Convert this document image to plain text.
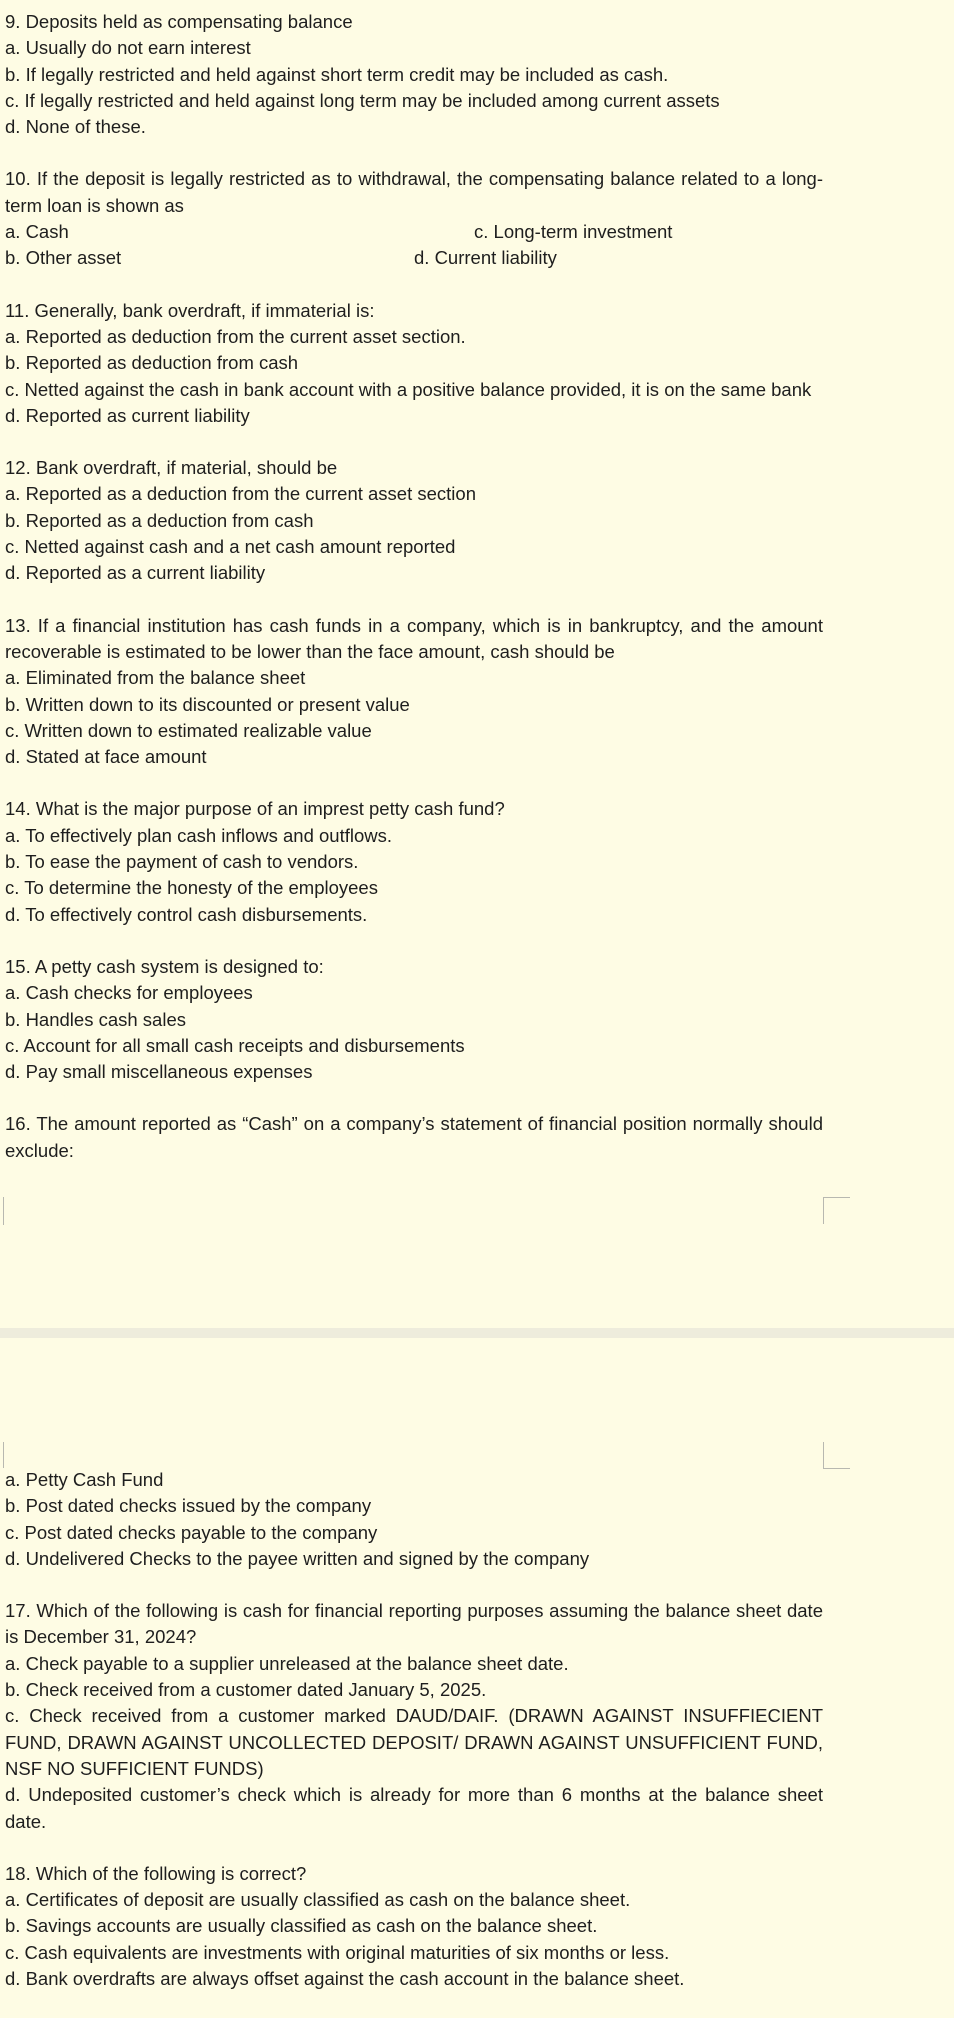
9. Deposits held as compensating balance
a. Usually do not earn interest
b. If legally restricted and held against short term credit may be included as cash.
c. If legally restricted and held against long term may be included among current assets
d. None of these.
10. If the deposit is legally restricted as to withdrawal, the compensating balance related to a long-term loan is shown as
a. Cash	c. Long-term investment
b. Other asset	d. Current liability
11. Generally, bank overdraft, if immaterial is:
a. Reported as deduction from the current asset section.
b. Reported as deduction from cash
c. Netted against the cash in bank account with a positive balance provided, it is on the same bank
d. Reported as current liability
12. Bank overdraft, if material, should be
a. Reported as a deduction from the current asset section
b. Reported as a deduction from cash
c. Netted against cash and a net cash amount reported
d. Reported as a current liability
13. If a financial institution has cash funds in a company, which is in bankruptcy, and the amount recoverable is estimated to be lower than the face amount, cash should be
a. Eliminated from the balance sheet
b. Written down to its discounted or present value
c. Written down to estimated realizable value
d. Stated at face amount
14. What is the major purpose of an imprest petty cash fund?
a. To effectively plan cash inflows and outflows.
b. To ease the payment of cash to vendors.
c. To determine the honesty of the employees
d. To effectively control cash disbursements.
15. A petty cash system is designed to:
a. Cash checks for employees
b. Handles cash sales
c. Account for all small cash receipts and disbursements
d. Pay small miscellaneous expenses
16. The amount reported as “Cash” on a company’s statement of financial position normally should exclude:
a. Petty Cash Fund
b. Post dated checks issued by the company
c. Post dated checks payable to the company
d. Undelivered Checks to the payee written and signed by the company
17. Which of the following is cash for financial reporting purposes assuming the balance sheet date is December 31, 2024?
a. Check payable to a supplier unreleased at the balance sheet date.
b. Check received from a customer dated January 5, 2025.
c. Check received from a customer marked DAUD/DAIF. (DRAWN AGAINST INSUFFIECIENT FUND, DRAWN AGAINST UNCOLLECTED DEPOSIT/ DRAWN AGAINST UNSUFFICIENT FUND, NSF NO SUFFICIENT FUNDS)
d. Undeposited customer’s check which is already for more than 6 months at the balance sheet date.
18. Which of the following is correct?
a. Certificates of deposit are usually classified as cash on the balance sheet.
b. Savings accounts are usually classified as cash on the balance sheet.
c. Cash equivalents are investments with original maturities of six months or less.
d. Bank overdrafts are always offset against the cash account in the balance sheet.
